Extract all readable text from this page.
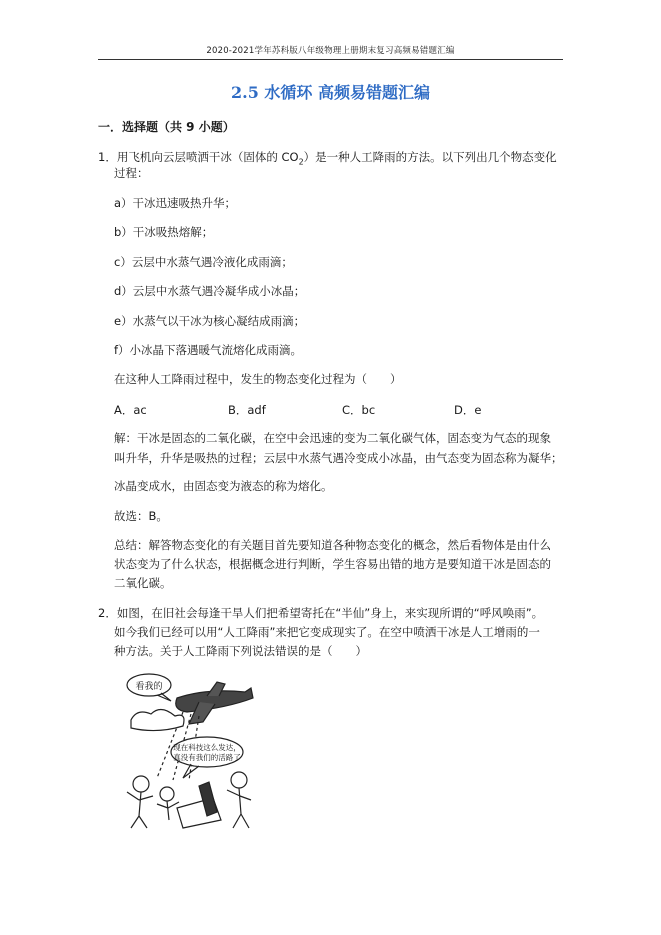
2020-2021学年苏科版八年级物理上册期末复习高频易错题汇编
2.5 水循环 高频易错题汇编
一．选择题（共 9 小题）
1．用飞机向云层喷洒干冰（固体的 $CO_2$）是一种人工降雨的方法。以下列出几个物态变化
过程：
a）干冰迅速吸热升华；
b）干冰吸热熔解；
c）云层中水蒸气遇冷液化成雨滴；
d）云层中水蒸气遇冷凝华成小冰晶；
e）水蒸气以干冰为核心凝结成雨滴；
f）小冰晶下落遇暖气流熔化成雨滴。
在这种人工降雨过程中，发生的物态变化过程为（　　）
A．ac	B．adf	C．bc	D．e
解：干冰是固态的二氧化碳，在空中会迅速的变为二氧化碳气体，固态变为气态的现象
叫升华，升华是吸热的过程；云层中水蒸气遇冷变成小冰晶，由气态变为固态称为凝华；
冰晶变成水，由固态变为液态的称为熔化。
故选：B。
总结：解答物态变化的有关题目首先要知道各种物态变化的概念，然后看物体是由什么
状态变为了什么状态，根据概念进行判断，学生容易出错的地方是要知道干冰是固态的
二氧化碳。
2．如图，在旧社会每逢干旱人们把希望寄托在“半仙”身上，来实现所谓的“呼风唤雨”。
如今我们已经可以用“人工降雨”来把它变成现实了。在空中喷洒干冰是人工增雨的一
种方法。关于人工降雨下列说法错误的是（　　）
看我的
现在科技这么发达，
真没有我们的活路了
